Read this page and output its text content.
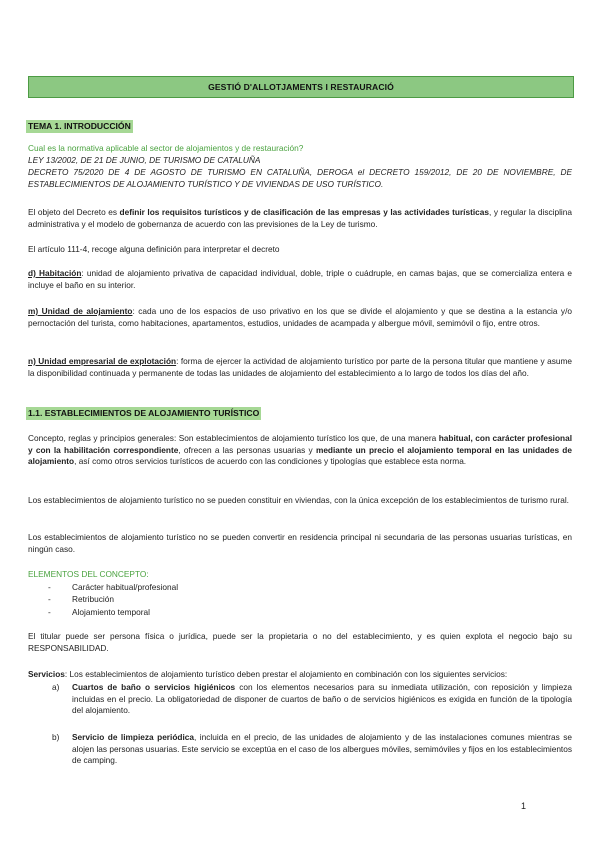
GESTIÓ D'ALLOTJAMENTS I RESTAURACIÓ
TEMA 1. INTRODUCCIÓN

Cual es la normativa aplicable al sector de alojamientos y de restauración?

LEY 13/2002, DE 21 DE JUNIO, DE TURISMO DE CATALUÑA

DECRETO 75/2020 DE 4 DE AGOSTO DE TURISMO EN CATALUÑA, DEROGA el DECRETO 159/2012, DE 20 DE NOVIEMBRE, DE ESTABLECIMIENTOS DE ALOJAMIENTO TURÍSTICO Y DE VIVIENDAS DE USO TURÍSTICO.

El objeto del Decreto es definir los requisitos turísticos y de clasificación de las empresas y las actividades turísticas, y regular la disciplina administrativa y el modelo de gobernanza de acuerdo con las previsiones de la Ley de turismo.

El artículo 111-4, recoge alguna definición para interpretar el decreto

d) Habitación: unidad de alojamiento privativa de capacidad individual, doble, triple o cuádruple, en camas bajas, que se comercializa entera e incluye el baño en su interior.

m) Unidad de alojamiento: cada uno de los espacios de uso privativo en los que se divide el alojamiento y que se destina a la estancia y/o pernoctación del turista, como habitaciones, apartamentos, estudios, unidades de acampada y albergue móvil, semimóvil o fijo, entre otros.

n) Unidad empresarial de explotación: forma de ejercer la actividad de alojamiento turístico por parte de la persona titular que mantiene y asume la disponibilidad continuada y permanente de todas las unidades de alojamiento del establecimiento a lo largo de todos los días del año.

1.1. ESTABLECIMIENTOS DE ALOJAMIENTO TURÍSTICO

Concepto, reglas y principios generales: Son establecimientos de alojamiento turístico los que, de una manera habitual, con carácter profesional y con la habilitación correspondiente, ofrecen a las personas usuarias y mediante un precio el alojamiento temporal en las unidades de alojamiento, así como otros servicios turísticos de acuerdo con las condiciones y tipologías que establece esta norma.

Los establecimientos de alojamiento turístico no se pueden constituir en viviendas, con la única excepción de los establecimientos de turismo rural.

Los establecimientos de alojamiento turístico no se pueden convertir en residencia principal ni secundaria de las personas usuarias turísticas, en ningún caso.

ELEMENTOS DEL CONCEPTO:

- Carácter habitual/profesional
- Retribución
- Alojamiento temporal

El titular puede ser persona física o jurídica, puede ser la propietaria o no del establecimiento, y es quien explota el negocio bajo su RESPONSABILIDAD.

Servicios: Los establecimientos de alojamiento turístico deben prestar el alojamiento en combinación con los siguientes servicios:

a)	Cuartos de baño o servicios higiénicos con los elementos necesarios para su inmediata utilización, con reposición y limpieza incluidas en el precio. La obligatoriedad de disponer de cuartos de baño o de servicios higiénicos es exigida en función de la tipología del alojamiento.
b)	Servicio de limpieza periódica, incluida en el precio, de las unidades de alojamiento y de las instalaciones comunes mientras se alojen las personas usuarias. Este servicio se exceptúa en el caso de los albergues móviles, semimóviles y fijos en los establecimientos de camping.
1
